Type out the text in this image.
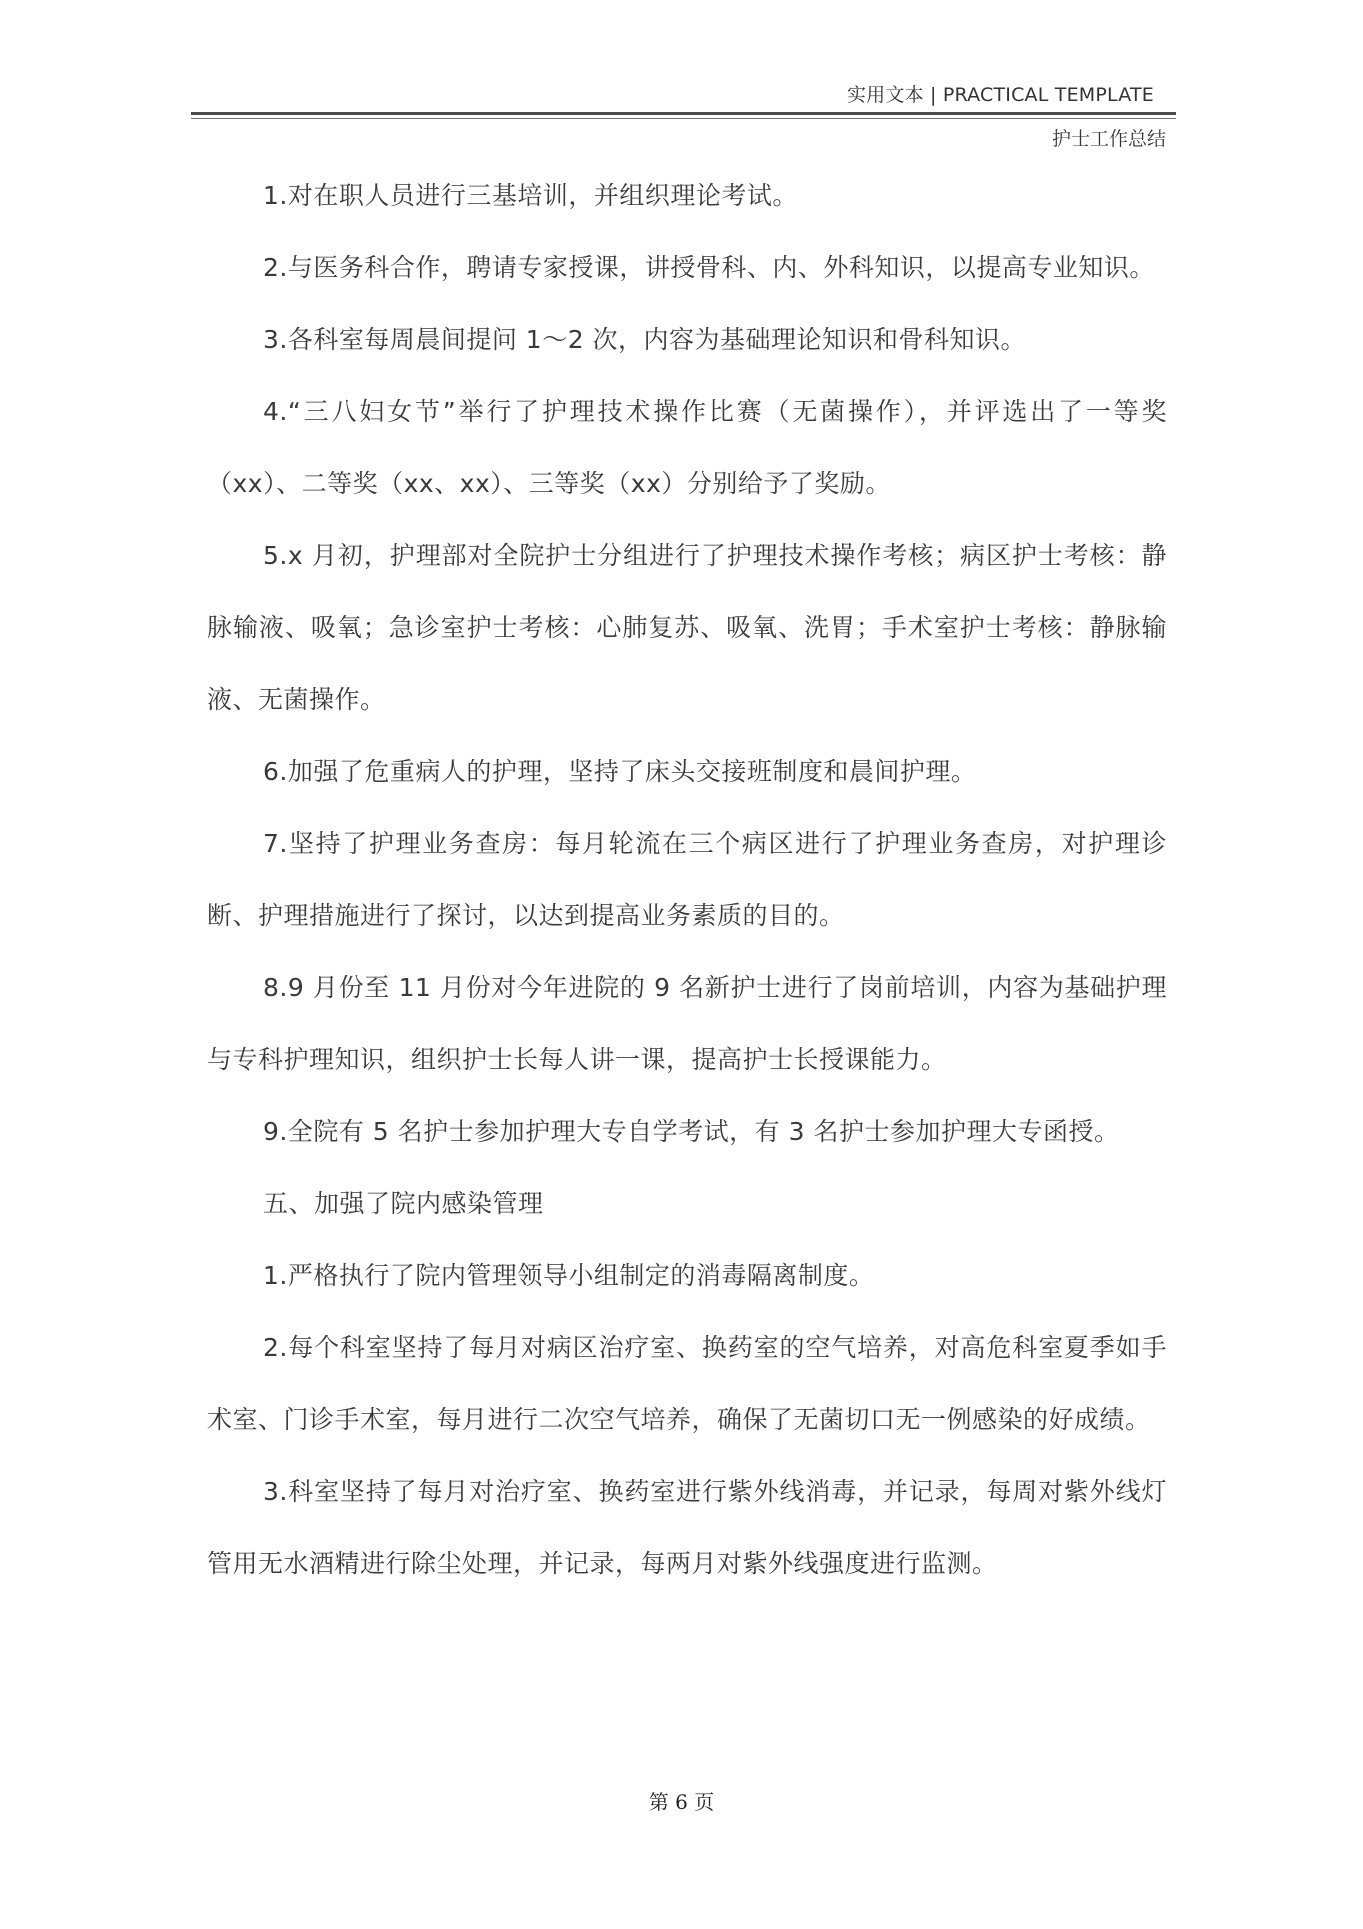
实用文本 | PRACTICAL TEMPLATE
护士工作总结

1.对在职人员进行三基培训，并组织理论考试。

2.与医务科合作，聘请专家授课，讲授骨科、内、外科知识，以提高专业知识。

3.各科室每周晨间提问 1～2 次，内容为基础理论知识和骨科知识。

4.“三八妇女节”举行了护理技术操作比赛（无菌操作），并评选出了一等奖（xx）、二等奖（xx、xx）、三等奖（xx）分别给予了奖励。

5.x 月初，护理部对全院护士分组进行了护理技术操作考核；病区护士考核：静脉输液、吸氧；急诊室护士考核：心肺复苏、吸氧、洗胃；手术室护士考核：静脉输液、无菌操作。

6.加强了危重病人的护理，坚持了床头交接班制度和晨间护理。

7.坚持了护理业务查房：每月轮流在三个病区进行了护理业务查房，对护理诊断、护理措施进行了探讨，以达到提高业务素质的目的。

8.9 月份至 11 月份对今年进院的 9 名新护士进行了岗前培训，内容为基础护理与专科护理知识，组织护士长每人讲一课，提高护士长授课能力。

9.全院有 5 名护士参加护理大专自学考试，有 3 名护士参加护理大专函授。

五、加强了院内感染管理

1.严格执行了院内管理领导小组制定的消毒隔离制度。

2.每个科室坚持了每月对病区治疗室、换药室的空气培养，对高危科室夏季如手术室、门诊手术室，每月进行二次空气培养，确保了无菌切口无一例感染的好成绩。

3.科室坚持了每月对治疗室、换药室进行紫外线消毒，并记录，每周对紫外线灯管用无水酒精进行除尘处理，并记录，每两月对紫外线强度进行监测。

第 6 页
